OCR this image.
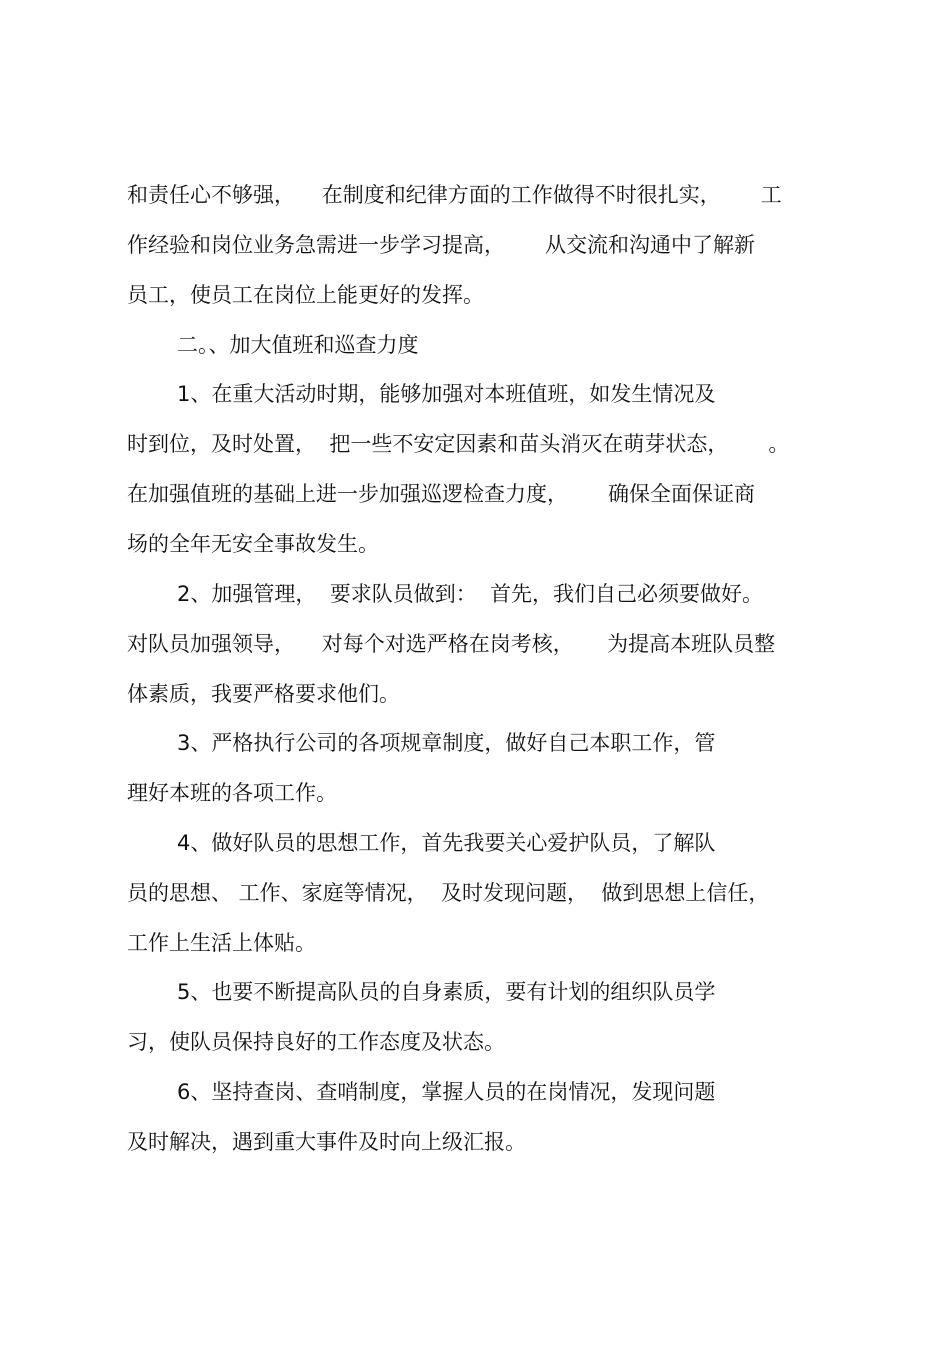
和责任心不够强，    在制度和纪律方面的工作做得不时很扎实，      工
作经验和岗位业务急需进一步学习提高，      从交流和沟通中了解新
员工，使员工在岗位上能更好的发挥。
二。、加大值班和巡查力度
1、在重大活动时期，能够加强对本班值班，如发生情况及
时到位，及时处置，  把一些不安定因素和苗头消灭在萌芽状态，      。
在加强值班的基础上进一步加强巡逻检查力度，      确保全面保证商
场的全年无安全事故发生。
2、加强管理，  要求队员做到：  首先，我们自己必须要做好。
对队员加强领导，    对每个对选严格在岗考核，     为提高本班队员整
体素质，我要严格要求他们。
3、严格执行公司的各项规章制度，做好自己本职工作，管
理好本班的各项工作。
4、做好队员的思想工作，首先我要关心爱护队员，了解队
员的思想、 工作、家庭等情况，  及时发现问题，  做到思想上信任，
工作上生活上体贴。
5、也要不断提高队员的自身素质，要有计划的组织队员学
习，使队员保持良好的工作态度及状态。
6、坚持查岗、查哨制度，掌握人员的在岗情况，发现问题
及时解决，遇到重大事件及时向上级汇报。
